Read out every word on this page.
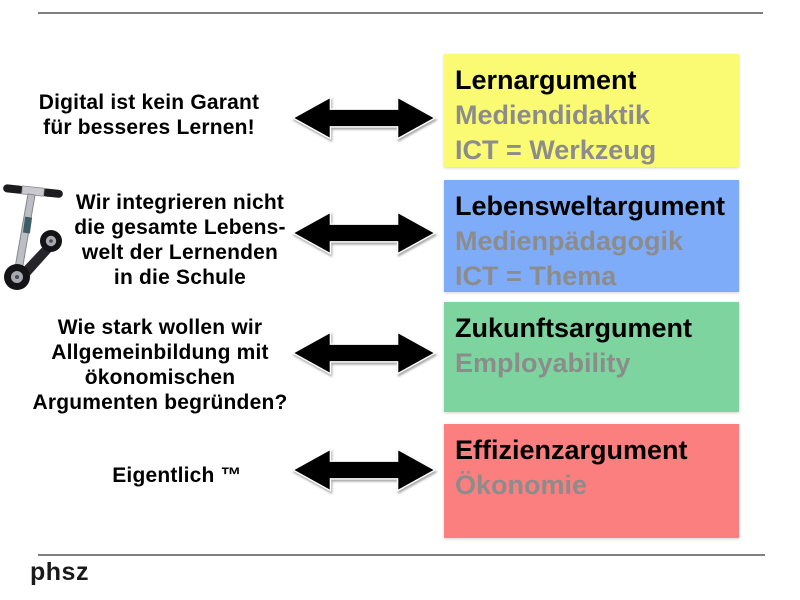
Digital ist kein Garant
für besseres Lernen!
Wir integrieren nicht
die gesamte Lebens-
welt der Lernenden
in die Schule
Wie stark wollen wir
Allgemeinbildung mit
ökonomischen
Argumenten begründen?
Eigentlich ™
Lernargument
Mediendidaktik
ICT = Werkzeug
Lebensweltargument
Medienpädagogik
ICT = Thema
Zukunftsargument
Employability
Effizienzargument
Ökonomie
phsz
